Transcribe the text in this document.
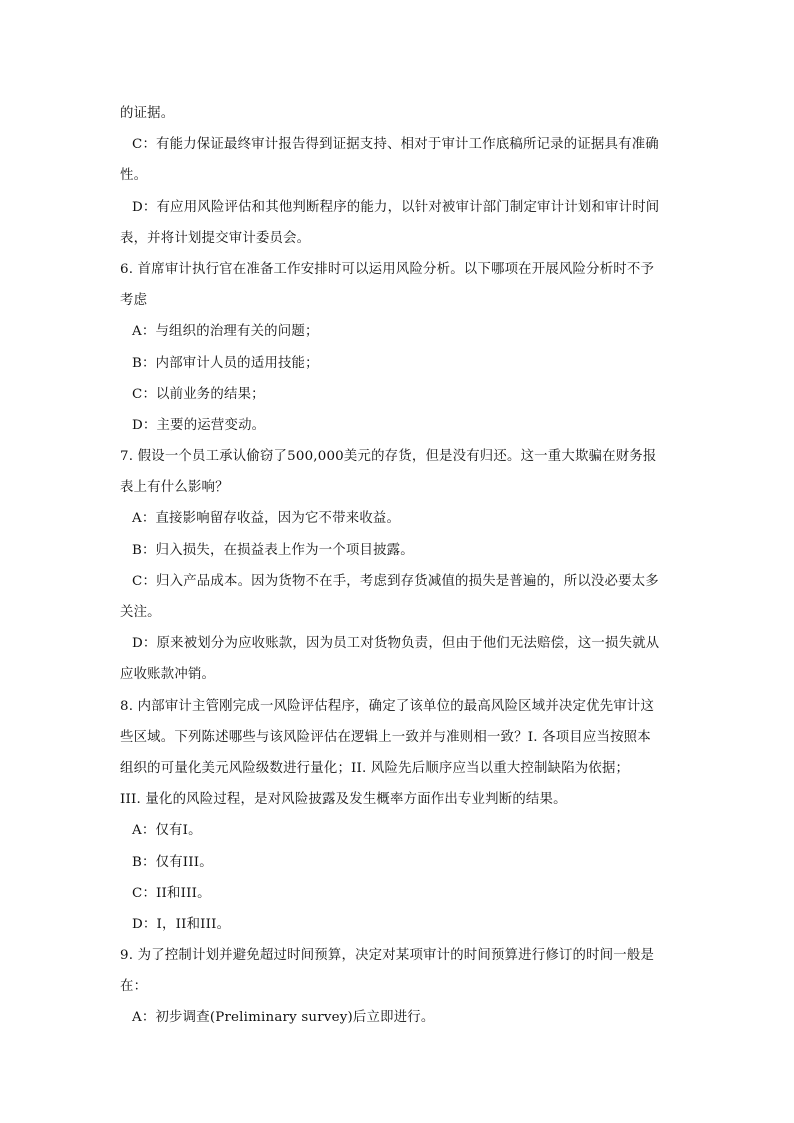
的证据。
C：有能力保证最终审计报告得到证据支持、相对于审计工作底稿所记录的证据具有准确
性。
D：有应用风险评估和其他判断程序的能力，以针对被审计部门制定审计计划和审计时间
表，并将计划提交审计委员会。
6. 首席审计执行官在准备工作安排时可以运用风险分析。以下哪项在开展风险分析时不予
考虑
A：与组织的治理有关的问题；
B：内部审计人员的适用技能；
C：以前业务的结果；
D：主要的运营变动。
7. 假设一个员工承认偷窃了500,000美元的存货，但是没有归还。这一重大欺骗在财务报
表上有什么影响？
A：直接影响留存收益，因为它不带来收益。
B：归入损失，在损益表上作为一个项目披露。
C：归入产品成本。因为货物不在手，考虑到存货减值的损失是普遍的，所以没必要太多
关注。
D：原来被划分为应收账款，因为员工对货物负责，但由于他们无法赔偿，这一损失就从
应收账款冲销。
8. 内部审计主管刚完成一风险评估程序，确定了该单位的最高风险区域并决定优先审计这
些区域。下列陈述哪些与该风险评估在逻辑上一致并与准则相一致？I. 各项目应当按照本
组织的可量化美元风险级数进行量化；II. 风险先后顺序应当以重大控制缺陷为依据；
III. 量化的风险过程，是对风险披露及发生概率方面作出专业判断的结果。
A：仅有I。
B：仅有III。
C：II和III。
D：I，II和III。
9. 为了控制计划并避免超过时间预算，决定对某项审计的时间预算进行修订的时间一般是
在：
A：初步调查(Preliminary survey)后立即进行。
